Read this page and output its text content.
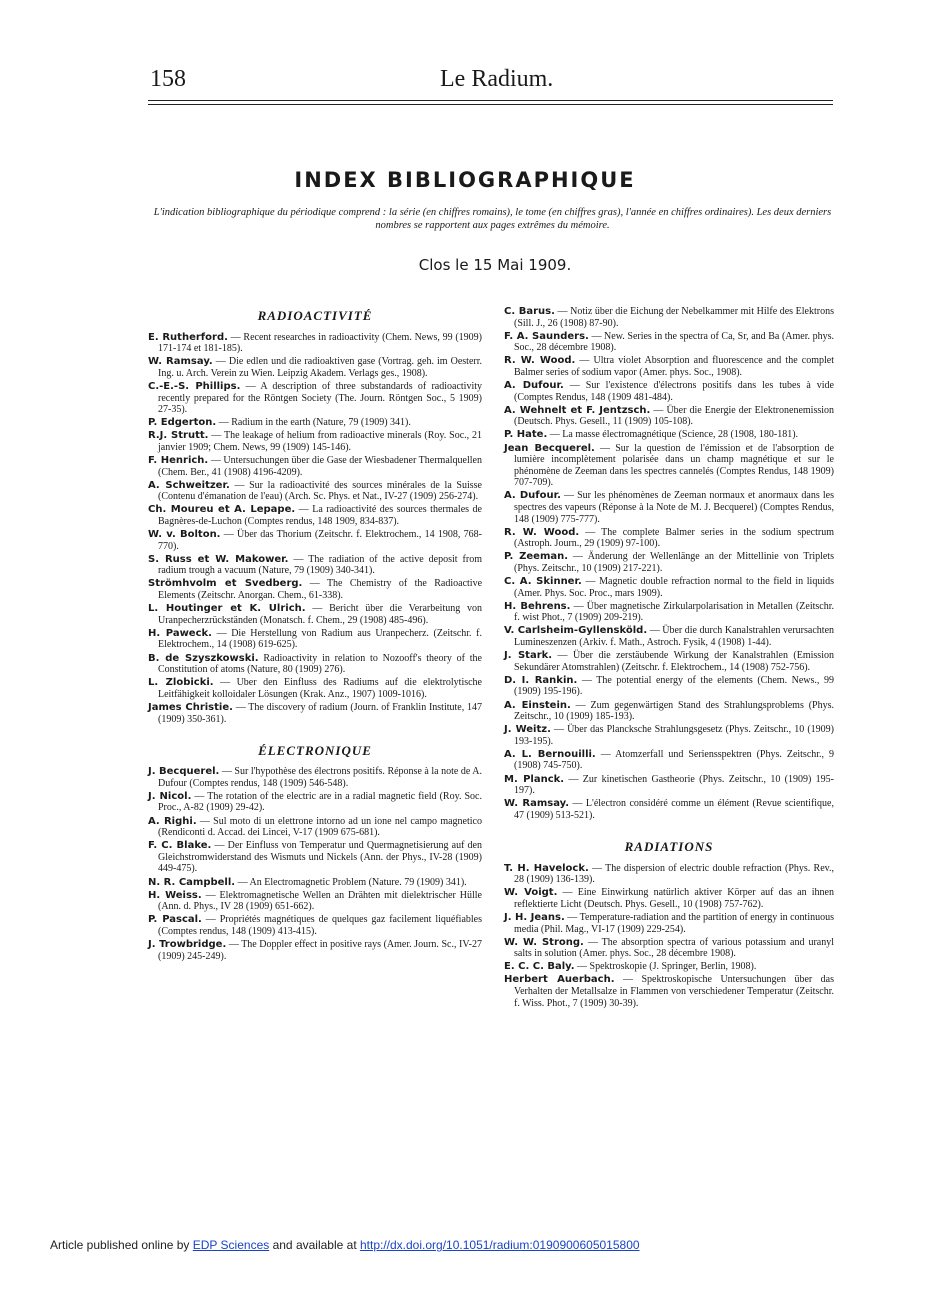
158	Le Radium.
INDEX BIBLIOGRAPHIQUE
L'indication bibliographique du périodique comprend : la série (en chiffres romains), le tome (en chiffres gras), l'année en chiffres ordinaires). Les deux derniers nombres se rapportent aux pages extrêmes du mémoire.
Clos le 15 Mai 1909.
RADIOACTIVITÉ
E. Rutherford. — Recent researches in radioactivity (Chem. News, 99 (1909) 171-174 et 181-185).
W. Ramsay. — Die edlen und die radioaktiven gase (Vortrag. geh. im Oesterr. Ing. u. Arch. Verein zu Wien. Leipzig Akadem. Verlags ges., 1908).
C.-E.-S. Phillips. — A description of three substandards of radioactivity recently prepared for the Röntgen Society (The. Journ. Röntgen Soc., 5 1909) 27-35).
P. Edgerton. — Radium in the earth (Nature, 79 (1909) 341).
R.J. Strutt. — The leakage of helium from radioactive minerals (Roy. Soc., 21 janvier 1909; Chem. News, 99 (1909) 145-146).
F. Henrich. — Untersuchungen über die Gase der Wiesbadener Thermalquellen (Chem. Ber., 41 (1908) 4196-4209).
A. Schweitzer. — Sur la radioactivité des sources minérales de la Suisse (Contenu d'émanation de l'eau) (Arch. Sc. Phys. et Nat., IV-27 (1909) 256-274).
Ch. Moureu et A. Lepape. — La radioactivité des sources thermales de Bagnères-de-Luchon (Comptes rendus, 148 1909, 834-837).
W. v. Bolton. — Über das Thorium (Zeitschr. f. Elektrochem., 14 1908, 768-770).
S. Russ et W. Makower. — The radiation of the active deposit from radium trough a vacuum (Nature, 79 (1909) 340-341).
Strömhvolm et Svedberg. — The Chemistry of the Radioactive Elements (Zeitschr. Anorgan. Chem., 61-338).
L. Houtinger et K. Ulrich. — Bericht über die Verarbeitung von Uranpecherzrückständen (Monatsch. f. Chem., 29 (1908) 485-496).
H. Paweck. — Die Herstellung von Radium aus Uranpecherz. (Zeitschr. f. Elektrochem., 14 (1908) 619-625).
B. de Szyszkowski. Radioactivity in relation to Nozooff's theory of the Constitution of atoms (Nature, 80 (1909) 276).
L. Zlobicki. — Uber den Einfluss des Radiums auf die elektrolytische Leitfähigkeit kolloidaler Lösungen (Krak. Anz., 1907) 1009-1016).
James Christie. — The discovery of radium (Journ. of Franklin Institute, 147 (1909) 350-361).
ÉLECTRONIQUE
J. Becquerel. — Sur l'hypothèse des électrons positifs. Réponse à la note de A. Dufour (Comptes rendus, 148 (1909) 546-548).
J. Nicol. — The rotation of the electric are in a radial magnetic field (Roy. Soc. Proc., A-82 (1909) 29-42).
A. Righi. — Sul moto di un elettrone intorno ad un ione nel campo magnetico (Rendiconti d. Accad. dei Lincei, V-17 (1909 675-681).
F. C. Blake. — Der Einfluss von Temperatur und Quermagnetisierung auf den Gleichstromwiderstand des Wismuts und Nickels (Ann. der Phys., IV-28 (1909) 449-475).
N. R. Campbell. — An Electromagnetic Problem (Nature. 79 (1909) 341).
H. Weiss. — Elektromagnetische Wellen an Drähten mit dielektrischer Hülle (Ann. d. Phys., IV 28 (1909) 651-662).
P. Pascal. — Propriétés magnétiques de quelques gaz facilement liquéfiables (Comptes rendus, 148 (1909) 413-415).
J. Trowbridge. — The Doppler effect in positive rays (Amer. Journ. Sc., IV-27 (1909) 245-249).
C. Barus. — Notiz über die Eichung der Nebelkammer mit Hilfe des Elektrons (Sill. J., 26 (1908) 87-90).
F. A. Saunders. — New. Series in the spectra of Ca, Sr, and Ba (Amer. phys. Soc., 28 décembre 1908).
R. W. Wood. — Ultra violet Absorption and fluorescence and the complet Balmer series of sodium vapor (Amer. phys. Soc., 1908).
A. Dufour. — Sur l'existence d'électrons positifs dans les tubes à vide (Comptes Rendus, 148 (1909 481-484).
A. Wehnelt et F. Jentzsch. — Über die Energie der Elektronenemission (Deutsch. Phys. Gesell., 11 (1909) 105-108).
P. Hate. — La masse électromagnétique (Science, 28 (1908, 180-181).
Jean Becquerel. — Sur la question de l'émission et de l'absorption de lumière incomplètement polarisée dans un champ magnétique et sur le phénomène de Zeeman dans les spectres cannelés (Comptes Rendus, 148 1909) 707-709).
A. Dufour. — Sur les phénomènes de Zeeman normaux et anormaux dans les spectres des vapeurs (Réponse à la Note de M. J. Becquerel) (Comptes Rendus, 148 (1909) 775-777).
R. W. Wood. — The complete Balmer series in the sodium spectrum (Astroph. Journ., 29 (1909) 97-100).
P. Zeeman. — Änderung der Wellenlänge an der Mittellinie von Triplets (Phys. Zeitschr., 10 (1909) 217-221).
C. A. Skinner. — Magnetic double refraction normal to the field in liquids (Amer. Phys. Soc. Proc., mars 1909).
H. Behrens. — Über magnetische Zirkularpolarisation in Metallen (Zeitschr. f. wist Phot., 7 (1909) 209-219).
V. Carlsheim-Gyllensköld. — Über die durch Kanalstrahlen verursachten Lumineszenzen (Arkiv. f. Math., Astroch. Fysik, 4 (1908) 1-44).
J. Stark. — Über die zerstäubende Wirkung der Kanalstrahlen (Emission Sekundärer Atomstrahlen) (Zeitschr. f. Elektrochem., 14 (1908) 752-756).
D. I. Rankin. — The potential energy of the elements (Chem. News., 99 (1909) 195-196).
A. Einstein. — Zum gegenwärtigen Stand des Strahlungsproblems (Phys. Zeitschr., 10 (1909) 185-193).
J. Weitz. — Über das Plancksche Strahlungsgesetz (Phys. Zeitschr., 10 (1909) 193-195).
A. L. Bernouilli. — Atomzerfall und Seriensspektren (Phys. Zeitschr., 9 (1908) 745-750).
M. Planck. — Zur kinetischen Gastheorie (Phys. Zeitschr., 10 (1909) 195-197).
W. Ramsay. — L'électron considéré comme un élément (Revue scientifique, 47 (1909) 513-521).
RADIATIONS
T. H. Havelock. — The dispersion of electric double refraction (Phys. Rev., 28 (1909) 136-139).
W. Voigt. — Eine Einwirkung natürlich aktiver Körper auf das an ihnen reflektierte Licht (Deutsch. Phys. Gesell., 10 (1908) 757-762).
J. H. Jeans. — Temperature-radiation and the partition of energy in continuous media (Phil. Mag., VI-17 (1909) 229-254).
W. W. Strong. — The absorption spectra of various potassium and uranyl salts in solution (Amer. phys. Soc., 28 décembre 1908).
E. C. C. Baly. — Spektroskopie (J. Springer, Berlin, 1908).
Herbert Auerbach. — Spektroskopische Untersuchungen über das Verhalten der Metallsalze in Flammen von verschiedener Temperatur (Zeitschr. f. Wiss. Phot., 7 (1909) 30-39).
Article published online by EDP Sciences and available at http://dx.doi.org/10.1051/radium:0190900605015800
